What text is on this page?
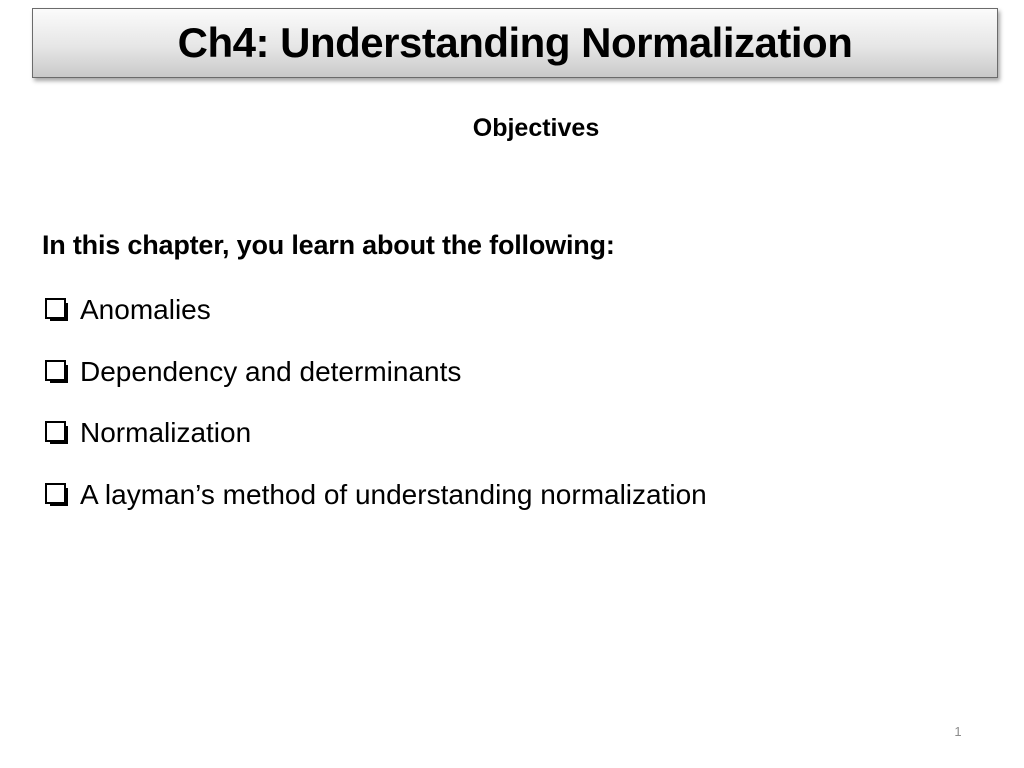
Ch4: Understanding Normalization
Objectives
In this chapter, you learn about the following:
Anomalies
Dependency and determinants
Normalization
A layman’s method of understanding normalization
1
